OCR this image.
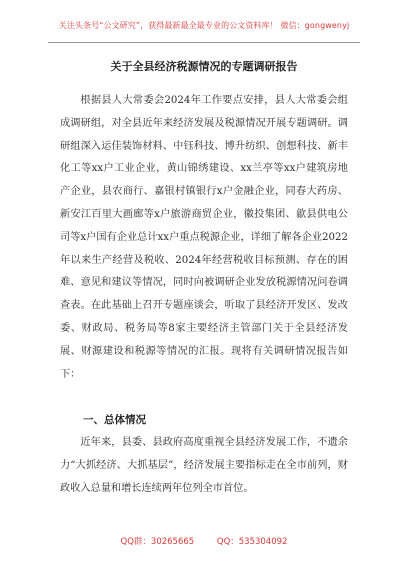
关注头条号“公文研究”，获得最新最全最专业的公文资料库！ 微信：gongwenyj
关于全县经济税源情况的专题调研报告

根据县人大常委会2024年工作要点安排，县人大常委会组成调研组，对全县近年来经济发展及税源情况开展专题调研。调研组深入运佳装饰材料、中钰科技、博升纺织、创想科技、新丰化工等xx户工业企业，黄山锦绣建设、xx兰亭等xx户建筑房地产企业，县农商行、嘉银村镇银行x户金融企业，同春大药房、新安江百里大画廊等x户旅游商贸企业，徽投集团、歙县供电公司等x户国有企业总计xx户重点税源企业，详细了解各企业2022年以来生产经营及税收、2024年经营税收目标预测、存在的困难、意见和建议等情况，同时向被调研企业发放税源情况问卷调查表。在此基础上召开专题座谈会，听取了县经济开发区、发改委、财政局、税务局等8家主要经济主管部门关于全县经济发展、财源建设和税源等情况的汇报。现将有关调研情况报告如下：

一、总体情况

近年来，县委、县政府高度重视全县经济发展工作，不遗余力“大抓经济、大抓基层”，经济发展主要指标走在全市前列，财政收入总量和增长连续两年位列全市首位。

QQ群：30265665	QQ：535304092
